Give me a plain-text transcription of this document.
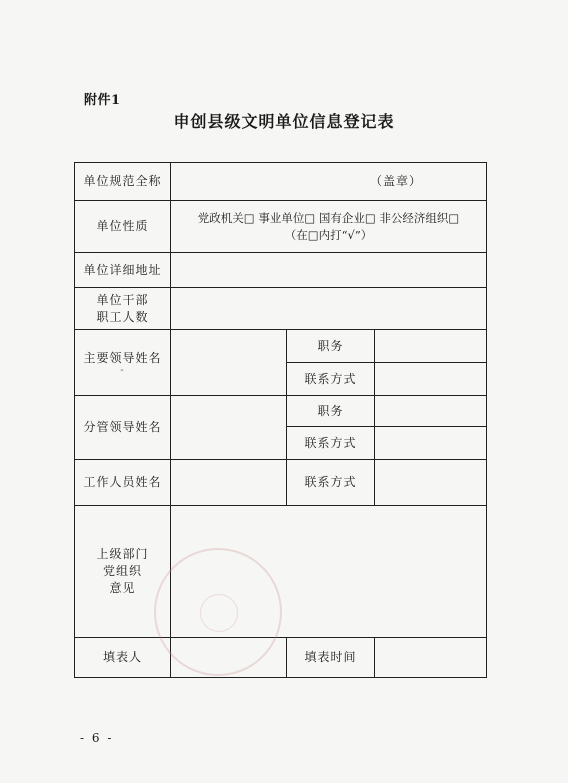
附件1
申创县级文明单位信息登记表
单位规范全称	（盖章）		

单位性质	党政机关□ 事业单位□ 国有企业□ 非公经济组织□
（在□内打“√”）		

单位详细地址			

单位干部
职工人数			

主要领导姓名
-		职务	
		联系方式	
分管领导姓名		职务	
		联系方式	
工作人员姓名		联系方式	

上级部门
党组织
意见			

填表人		填表时间	
- 6 -
